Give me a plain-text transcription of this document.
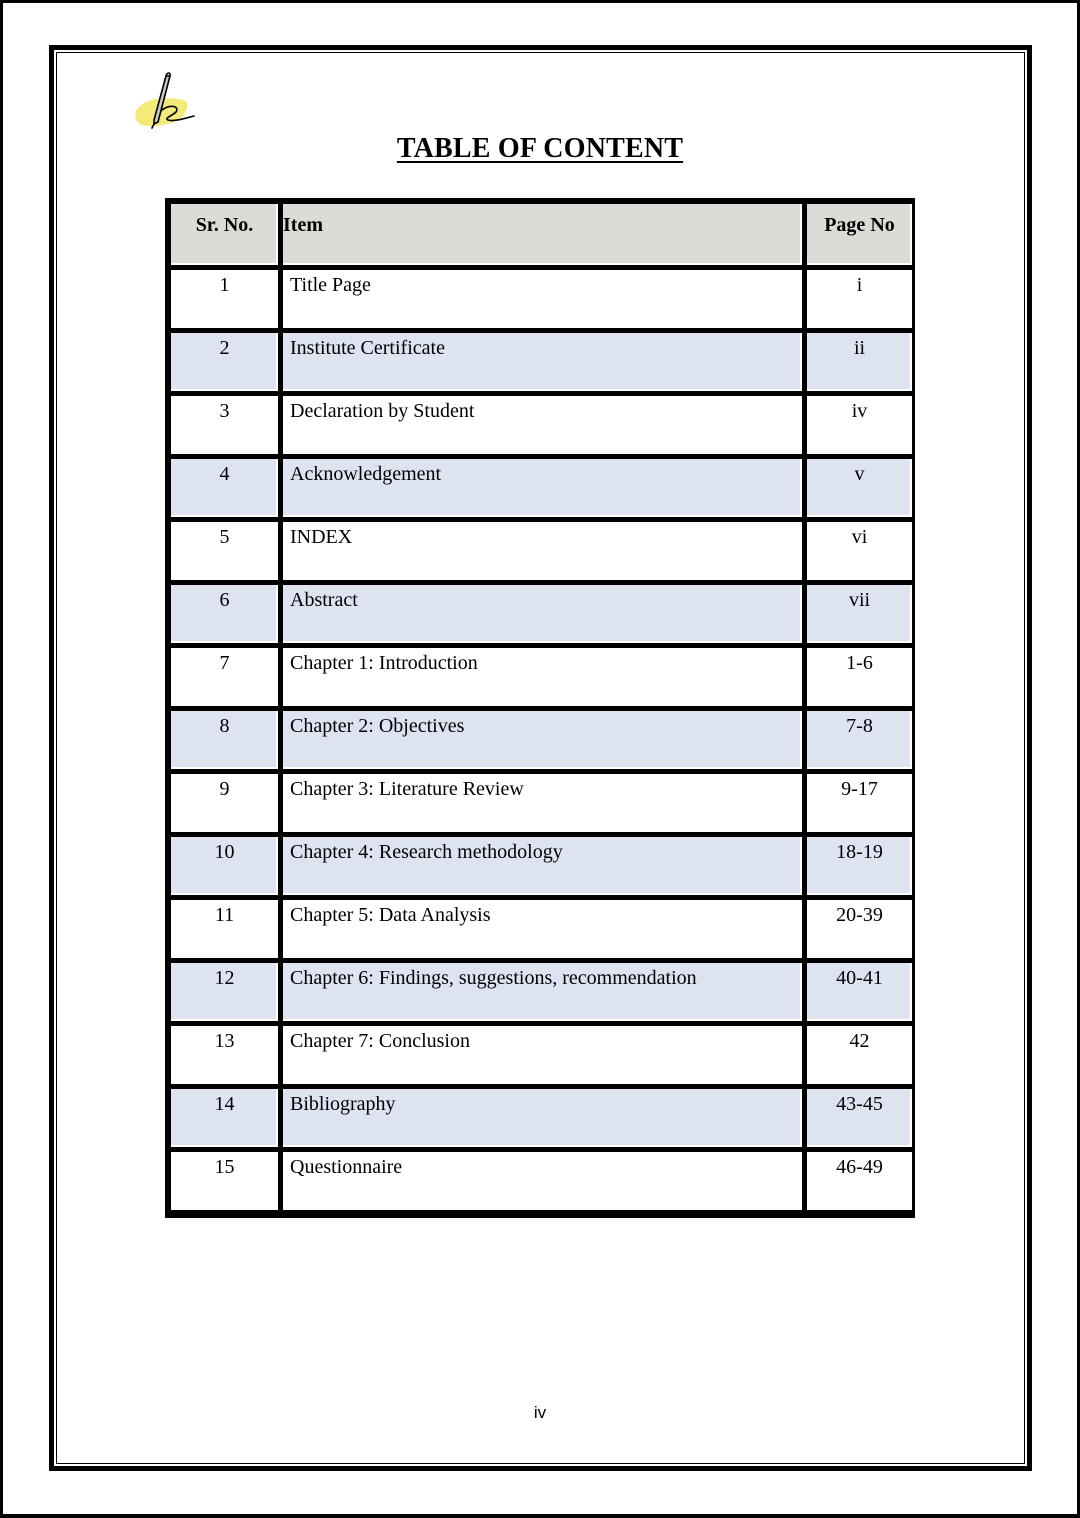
TABLE OF CONTENT
Sr. No.	Item	Page No
1	Title Page	i
2	Institute Certificate	ii
3	Declaration by Student	iv
4	Acknowledgement	v
5	INDEX	vi
6	Abstract	vii
7	Chapter 1: Introduction	1-6
8	Chapter 2: Objectives	7-8
9	Chapter 3: Literature Review	9-17
10	Chapter 4: Research methodology	18-19
11	Chapter 5: Data Analysis	20-39
12	Chapter 6: Findings, suggestions, recommendation	40-41
13	Chapter 7: Conclusion	42
14	Bibliography	43-45
15	Questionnaire	46-49
iv
